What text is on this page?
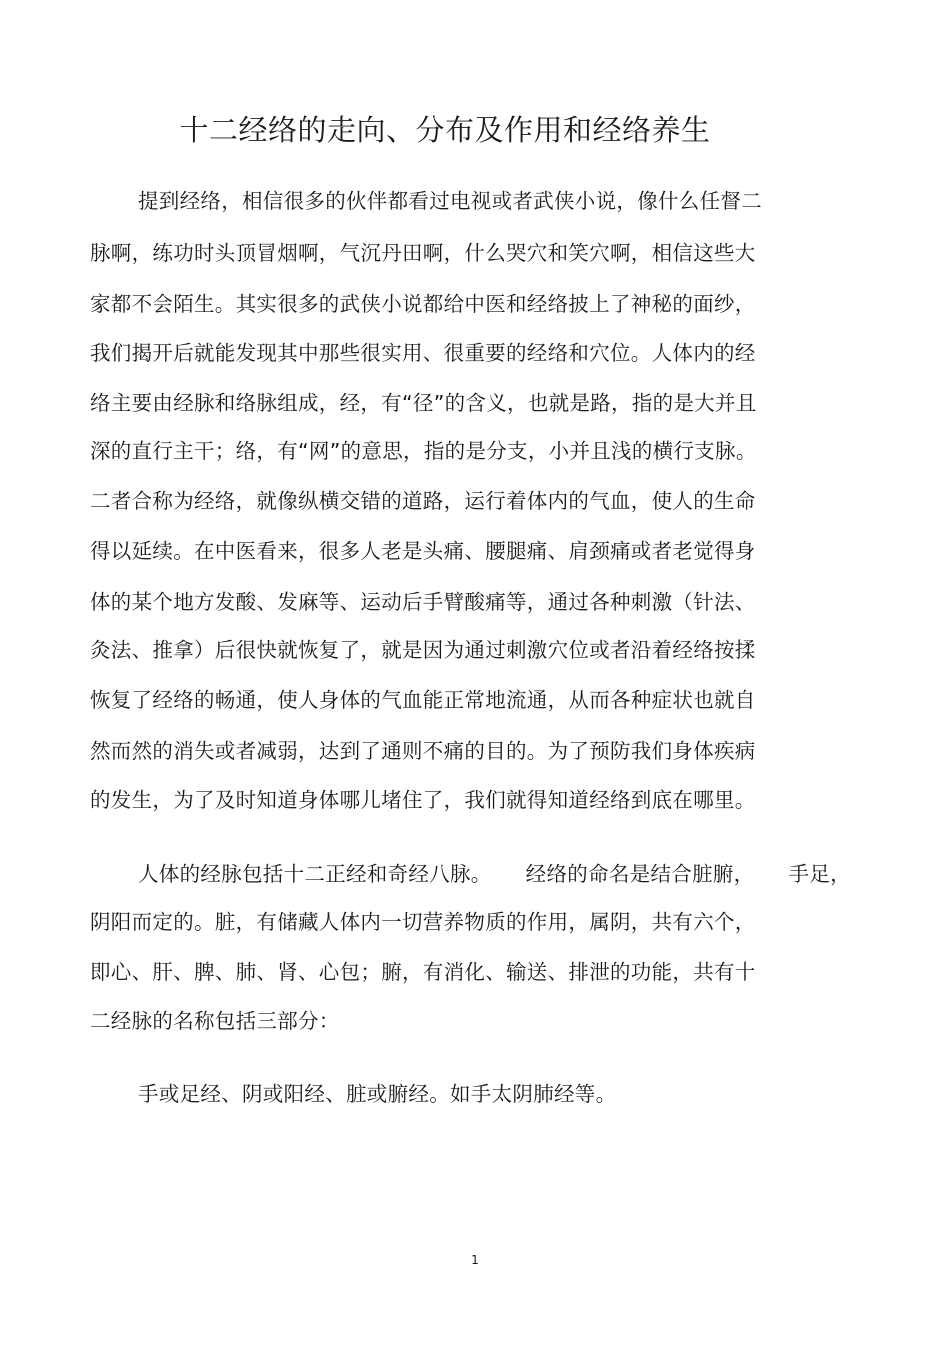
十二经络的走向、分布及作用和经络养生
提到经络，相信很多的伙伴都看过电视或者武侠小说，像什么任督二
脉啊，练功时头顶冒烟啊，气沉丹田啊，什么哭穴和笑穴啊，相信这些大
家都不会陌生。其实很多的武侠小说都给中医和经络披上了神秘的面纱，
我们揭开后就能发现其中那些很实用、很重要的经络和穴位。人体内的经
络主要由经脉和络脉组成，经，有“径”的含义，也就是路，指的是大并且
深的直行主干；络，有“网”的意思，指的是分支，小并且浅的横行支脉。
二者合称为经络，就像纵横交错的道路，运行着体内的气血，使人的生命
得以延续。在中医看来，很多人老是头痛、腰腿痛、肩颈痛或者老觉得身
体的某个地方发酸、发麻等、运动后手臂酸痛等，通过各种刺激（针法、
灸法、推拿）后很快就恢复了，就是因为通过刺激穴位或者沿着经络按揉
恢复了经络的畅通，使人身体的气血能正常地流通，从而各种症状也就自
然而然的消失或者减弱，达到了通则不痛的目的。为了预防我们身体疾病
的发生，为了及时知道身体哪儿堵住了，我们就得知道经络到底在哪里。
人体的经脉包括十二正经和奇经八脉。     经络的命名是结合脏腑，     手足，
阴阳而定的。脏，有储藏人体内一切营养物质的作用，属阴，共有六个，
即心、肝、脾、肺、肾、心包；腑，有消化、输送、排泄的功能，共有十
二经脉的名称包括三部分：
手或足经、阴或阳经、脏或腑经。如手太阴肺经等。
1
